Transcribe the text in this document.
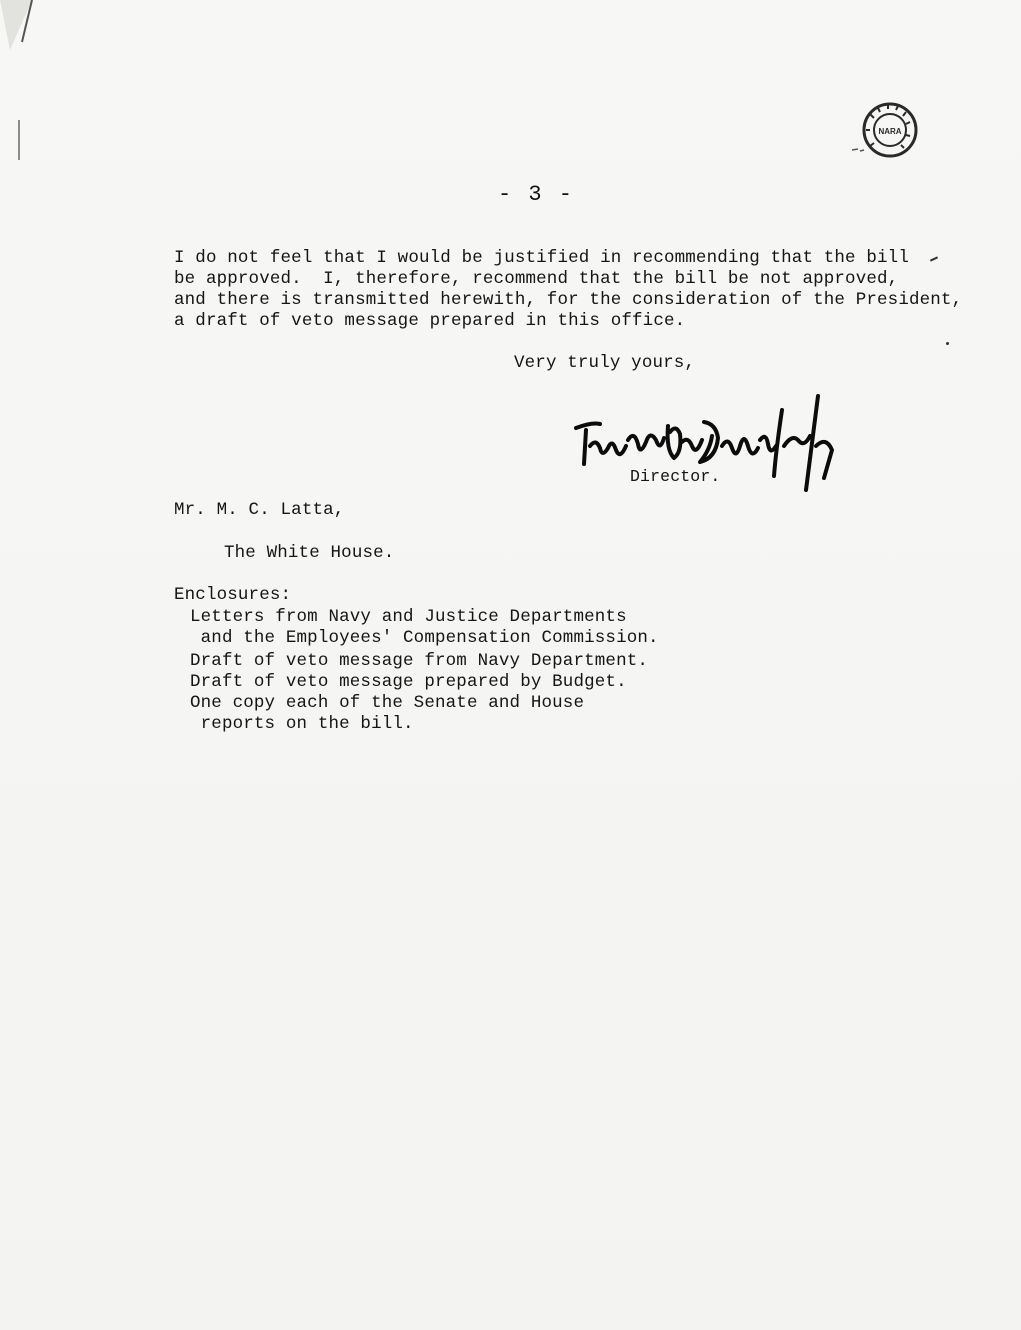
NARA
- 3 -
I do not feel that I would be justified in recommending that the bill
be approved.  I, therefore, recommend that the bill be not approved,
and there is transmitted herewith, for the consideration of the President,
a draft of veto message prepared in this office.
Very truly yours,
Director.
Mr. M. C. Latta,
The White House.
Enclosures:
Letters from Navy and Justice Departments
and the Employees' Compensation Commission.
Draft of veto message from Navy Department.
Draft of veto message prepared by Budget.
One copy each of the Senate and House
reports on the bill.
